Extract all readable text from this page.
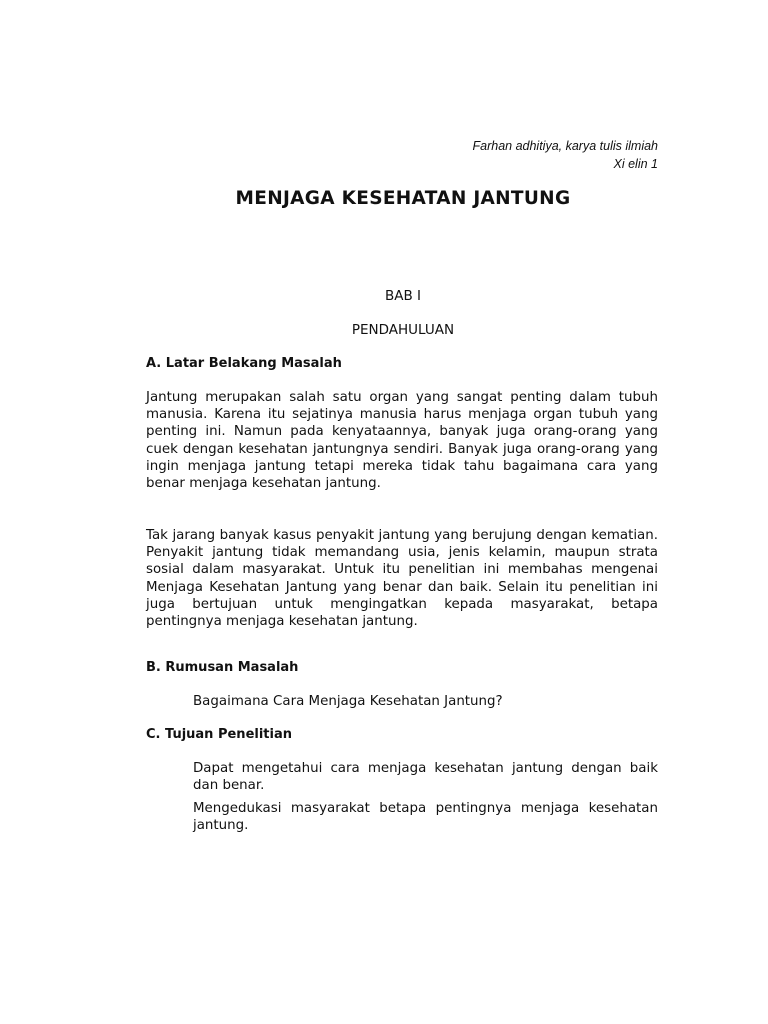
Farhan adhitiya, karya tulis ilmiah
Xi elin 1
MENJAGA KESEHATAN JANTUNG

BAB I

PENDAHULUAN

A. Latar Belakang Masalah

Jantung merupakan salah satu organ yang sangat penting dalam tubuh manusia. Karena itu sejatinya manusia harus menjaga organ tubuh yang penting ini. Namun pada kenyataannya, banyak juga orang-orang yang cuek dengan kesehatan jantungnya sendiri. Banyak juga orang-orang yang ingin menjaga jantung tetapi mereka tidak tahu bagaimana cara yang benar menjaga kesehatan jantung.

Tak jarang banyak kasus penyakit jantung yang berujung dengan kematian. Penyakit jantung tidak memandang usia, jenis kelamin, maupun strata sosial dalam masyarakat. Untuk itu penelitian ini membahas mengenai Menjaga Kesehatan Jantung yang benar dan baik. Selain itu penelitian ini juga bertujuan untuk mengingatkan kepada masyarakat, betapa pentingnya menjaga kesehatan jantung.

B. Rumusan Masalah

Bagaimana Cara Menjaga Kesehatan Jantung?

C. Tujuan Penelitian

Dapat mengetahui cara menjaga kesehatan jantung dengan baik dan benar.

Mengedukasi masyarakat betapa pentingnya menjaga kesehatan jantung.
